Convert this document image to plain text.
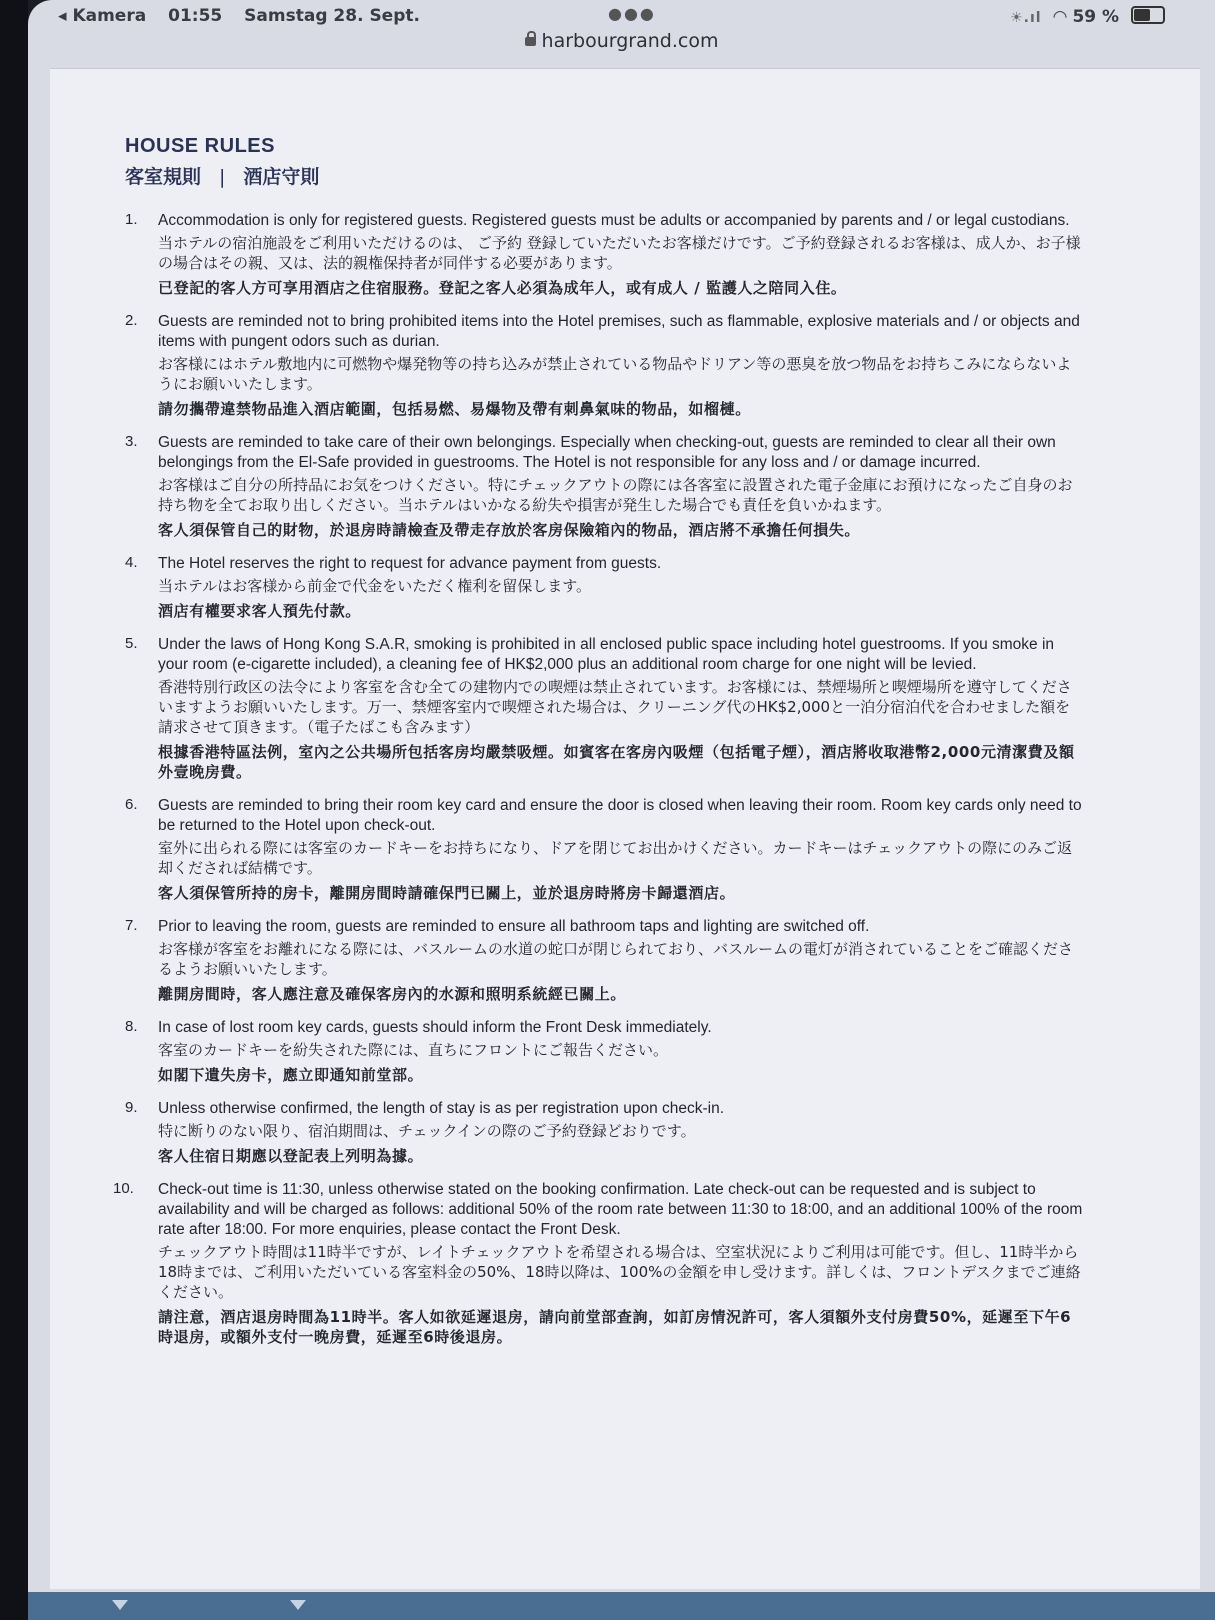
◂ Kamera 01:55 Samstag 28. Sept.	●●●	☀.ıl ◠ 59 %
harbourgrand.com
HOUSE RULES
客室規則 | 酒店守則
1. Accommodation is only for registered guests. Registered guests must be adults or accompanied by parents and / or legal custodians.

当ホテルの宿泊施設をご利用いただけるのは、 ご予約 登録していただいたお客様だけです。ご予約登録されるお客様は、成人か、お子様の場合はその親、又は、法的親権保持者が同伴する必要があります。

已登記的客人方可享用酒店之住宿服務。登記之客人必須為成年人，或有成人 / 監護人之陪同入住。

2. Guests are reminded not to bring prohibited items into the Hotel premises, such as flammable, explosive materials and / or objects and items with pungent odors such as durian.

お客様にはホテル敷地内に可燃物や爆発物等の持ち込みが禁止されている物品やドリアン等の悪臭を放つ物品をお持ちこみにならないようにお願いいたします。

請勿攜帶違禁物品進入酒店範圍，包括易燃、易爆物及帶有刺鼻氣味的物品，如榴槤。

3. Guests are reminded to take care of their own belongings. Especially when checking-out, guests are reminded to clear all their own belongings from the El-Safe provided in guestrooms. The Hotel is not responsible for any loss and / or damage incurred.

お客様はご自分の所持品にお気をつけください。特にチェックアウトの際には各客室に設置された電子金庫にお預けになったご自身のお持ち物を全てお取り出しください。当ホテルはいかなる紛失や損害が発生した場合でも責任を負いかねます。

客人須保管自己的財物，於退房時請檢查及帶走存放於客房保險箱內的物品，酒店將不承擔任何損失。

4. The Hotel reserves the right to request for advance payment from guests.

当ホテルはお客様から前金で代金をいただく権利を留保します。

酒店有權要求客人預先付款。

5. Under the laws of Hong Kong S.A.R, smoking is prohibited in all enclosed public space including hotel guestrooms. If you smoke in your room (e-cigarette included), a cleaning fee of HK$2,000 plus an additional room charge for one night will be levied.

香港特別行政区の法令により客室を含む全ての建物内での喫煙は禁止されています。お客様には、禁煙場所と喫煙場所を遵守してくださいますようお願いいたします。万一、禁煙客室内で喫煙された場合は、クリーニング代のHK$2,000と一泊分宿泊代を合わせました額を請求させて頂きます。（電子たばこも含みます）

根據香港特區法例，室內之公共場所包括客房均嚴禁吸煙。如賓客在客房內吸煙（包括電子煙），酒店將收取港幣2,000元清潔費及額外壹晚房費。

6. Guests are reminded to bring their room key card and ensure the door is closed when leaving their room. Room key cards only need to be returned to the Hotel upon check-out.

室外に出られる際には客室のカードキーをお持ちになり、ドアを閉じてお出かけください。カードキーはチェックアウトの際にのみご返却くだされば結構です。

客人須保管所持的房卡，離開房間時請確保門已關上，並於退房時將房卡歸還酒店。

7. Prior to leaving the room, guests are reminded to ensure all bathroom taps and lighting are switched off.

お客様が客室をお離れになる際には、バスルームの水道の蛇口が閉じられており、バスルームの電灯が消されていることをご確認くださるようお願いいたします。

離開房間時，客人應注意及確保客房內的水源和照明系統經已關上。

8. In case of lost room key cards, guests should inform the Front Desk immediately.

客室のカードキーを紛失された際には、直ちにフロントにご報告ください。

如閣下遺失房卡，應立即通知前堂部。

9. Unless otherwise confirmed, the length of stay is as per registration upon check-in.

特に断りのない限り、宿泊期間は、チェックインの際のご予約登録どおりです。

客人住宿日期應以登記表上列明為據。

10. Check-out time is 11:30, unless otherwise stated on the booking confirmation. Late check-out can be requested and is subject to availability and will be charged as follows: additional 50% of the room rate between 11:30 to 18:00, and an additional 100% of the room rate after 18:00. For more enquiries, please contact the Front Desk.

チェックアウト時間は11時半ですが、レイトチェックアウトを希望される場合は、空室状況によりご利用は可能です。但し、11時半から18時までは、ご利用いただいている客室料金の50%、18時以降は、100%の金額を申し受けます。詳しくは、フロントデスクまでご連絡ください。

請注意，酒店退房時間為11時半。客人如欲延遲退房，請向前堂部查詢，如訂房情況許可，客人須額外支付房費50%，延遲至下午6時退房，或額外支付一晚房費，延遲至6時後退房。
